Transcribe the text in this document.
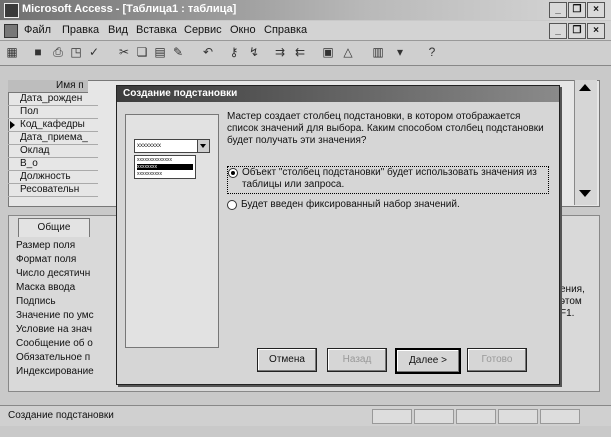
Microsoft Access - [Таблица1 : таблица]	_	❐	×
Файл Правка Вид Вставка Сервис Окно Справка	_	❐	×
▦	■ ⎙ ◳ ✓ ✂ ❏ ▤ ✎ ↶ ⚷ ↯ ⇉ ⇇ ▣ △ ▥	▾	?
Имя п
Дата_рожден
Пол
Код_кафедры
Дата_приема_
Оклад
В_о
Должность
Ресовательн
Общие
Размер поля
Формат поля
Число десятичн
Маска ввода
Подпись
Значение по умс
Условие на знач
Сообщение об о
Обязательное п
Индексирование
ения,
этом
F1.
Создание подстановки
Создание подстановки
xxxxxxxx
xxxxxxxxxxxxxx
xxxxxxxx
xxxxxxxxxx
Мастер создает столбец подстановки, в котором отображается список значений для выбора. Каким способом столбец подстановки будет получать эти значения?
Объект "столбец подстановки" будет использовать значения из таблицы или запроса.
Будет введен фиксированный набор значений.
Отмена	Назад	Далее >	Готово
